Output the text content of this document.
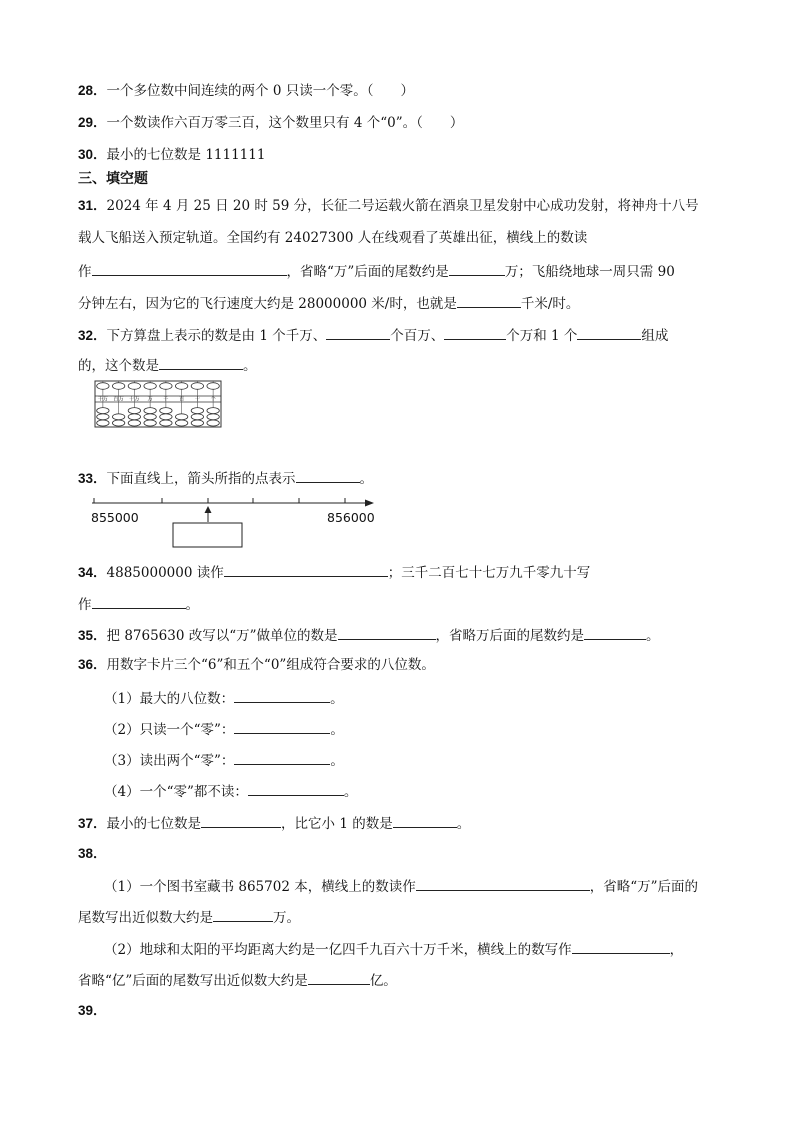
28．一个多位数中间连续的两个 0 只读一个零。（　　）
29．一个数读作六百万零三百，这个数里只有 4 个“0”。（　　）
30．最小的七位数是 1111111
三、填空题
31．2024 年 4 月 25 日 20 时 59 分，长征二号运载火箭在酒泉卫星发射中心成功发射，将神舟十八号
载人飞船送入预定轨道。全国约有 24027300 人在线观看了英雄出征，横线上的数读
作	，省略“万”后面的尾数约是	万；飞船绕地球一周只需 90
分钟左右，因为它的飞行速度大约是 28000000 米/时，也就是	千米/时。
32．下方算盘上表示的数是由 1 个千万、	个百万、	个万和 1 个	组成
的，这个数是	。
千万 百万 十万 万 千 百 十 个
33．下面直线上，箭头所指的点表示	。
855000	856000
34．4885000000 读作	；三千二百七十七万九千零九十写
作	。
35．把 8765630 改写以“万”做单位的数是	，省略万后面的尾数约是	。
36．用数字卡片三个“6”和五个“0”组成符合要求的八位数。
（1）最大的八位数：	。
（2）只读一个“零”：	。
（3）读出两个“零”：	。
（4）一个“零”都不读：	。
37．最小的七位数是	，比它小 1 的数是	。
38．
（1）一个图书室藏书 865702 本，横线上的数读作	，省略“万”后面的
尾数写出近似数大约是	万。
（2）地球和太阳的平均距离大约是一亿四千九百六十万千米，横线上的数写作	，
省略“亿”后面的尾数写出近似数大约是	亿。
39．
